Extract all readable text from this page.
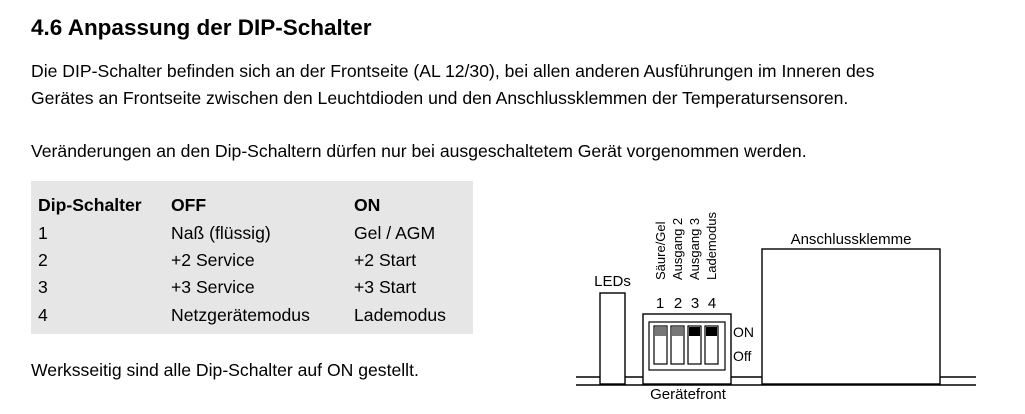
4.6 Anpassung der DIP-Schalter
Die DIP-Schalter befinden sich an der Frontseite (AL 12/30), bei allen anderen Ausführungen im Inneren des
Gerätes an Frontseite zwischen den Leuchtdioden und den Anschlussklemmen der Temperatursensoren.
Veränderungen an den Dip-Schaltern dürfen nur bei ausgeschaltetem Gerät vorgenommen werden.
Dip-Schalter OFF	ON
1	Naß (flüssig)	Gel / AGM
2	+2 Service	+2 Start
3	+3 Service	+3 Start
4	Netzgerätemodus	Lademodus
Werksseitig sind alle Dip-Schalter auf ON gestellt.
LEDs
Anschlussklemme
ON
Off
1 2 3 4
Säure/Gel Ausgang 2 Ausgang 3 Lademodus
Gerätefront
